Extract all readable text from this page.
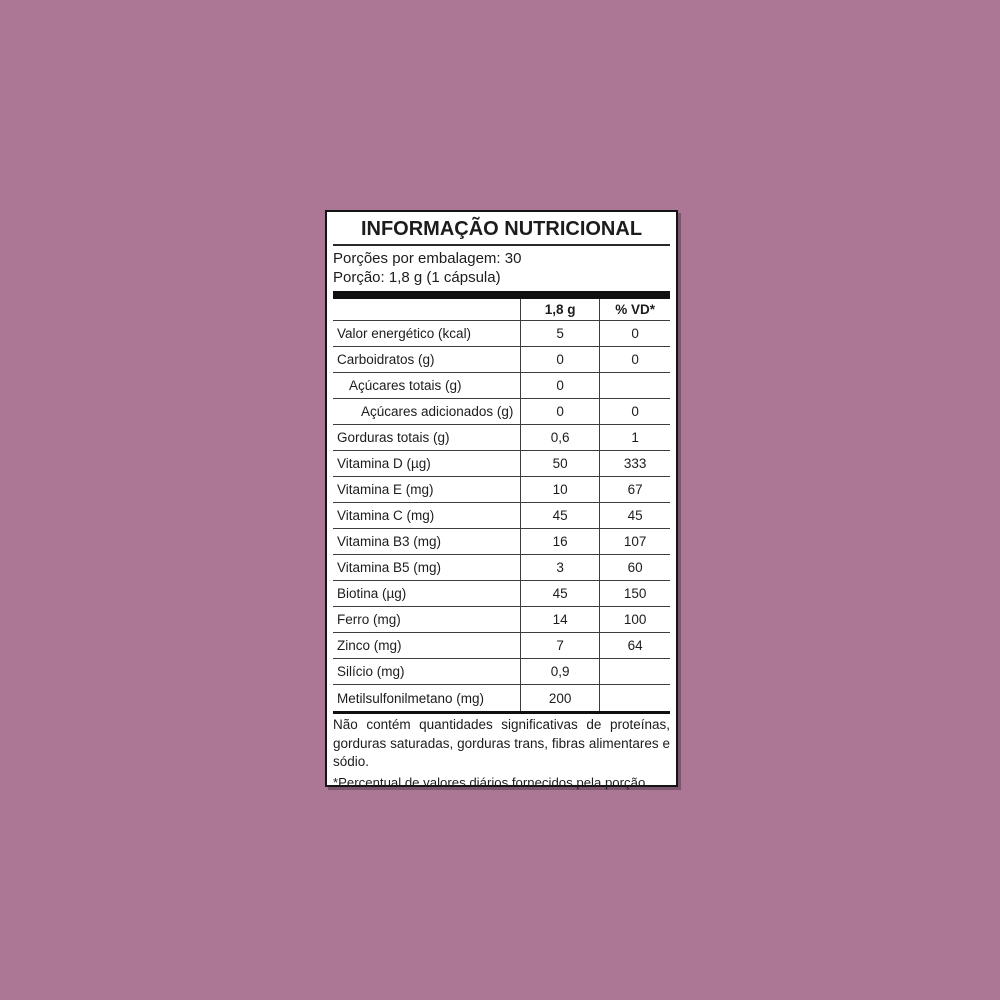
INFORMAÇÃO NUTRICIONAL
Porções por embalagem: 30
Porção: 1,8 g (1 cápsula)
1,8 g	% VD*
Valor energético (kcal)	5	0
Carboidratos (g)	0	0
Açúcares totais (g)	0
Açúcares adicionados (g)	0	0
Gorduras totais (g)	0,6	1
Vitamina D (µg)	50	333
Vitamina E (mg)	10	67
Vitamina C (mg)	45	45
Vitamina B3 (mg)	16	107
Vitamina B5 (mg)	3	60
Biotina (µg)	45	150
Ferro (mg)	14	100
Zinco (mg)	7	64
Silício (mg)	0,9
Metilsulfonilmetano (mg)	200
Não contém quantidades significativas de proteínas, gorduras saturadas, gorduras trans, fibras alimentares e sódio.
*Percentual de valores diários fornecidos pela porção.
